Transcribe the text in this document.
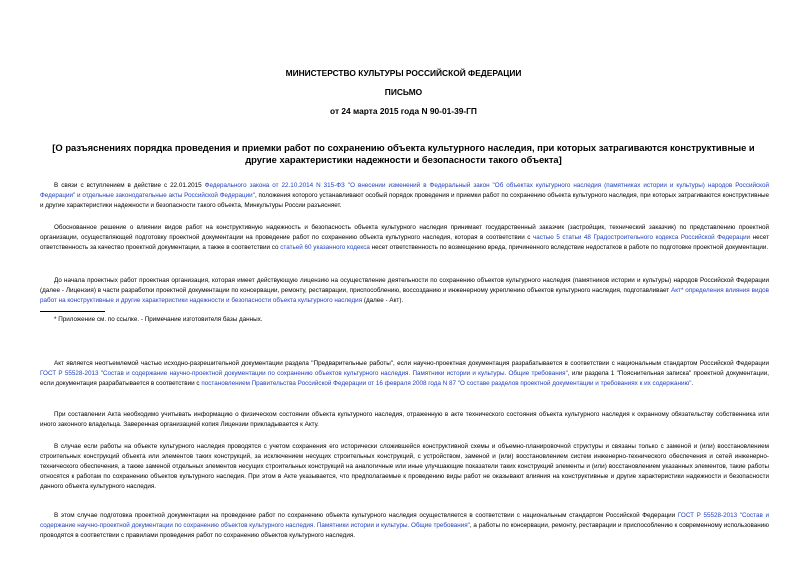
МИНИСТЕРСТВО КУЛЬТУРЫ РОССИЙСКОЙ ФЕДЕРАЦИИ
ПИСЬМО
от 24 марта 2015 года N 90-01-39-ГП
[О разъяснениях порядка проведения и приемки работ по сохранению объекта культурного наследия, при которых затрагиваются конструктивные и другие характеристики надежности и безопасности такого объекта]

В связи с вступлением в действие с 22.01.2015 Федерального закона от 22.10.2014 N 315-ФЗ "О внесении изменений в Федеральный закон "Об объектах культурного наследия (памятниках истории и культуры) народов Российской Федерации" и отдельные законодательные акты Российской Федерации", положения которого устанавливают особый порядок проведения и приемки работ по сохранению объекта культурного наследия, при которых затрагиваются конструктивные и другие характеристики надежности и безопасности такого объекта, Минкультуры России разъясняет.

Обоснованное решение о влиянии видов работ на конструктивную надежность и безопасность объекта культурного наследия принимает государственный заказчик (застройщик, технический заказчик) по представлению проектной организации, осуществляющей подготовку проектной документации на проведение работ по сохранению объекта культурного наследия, которая в соответствии с частью 5 статьи 48 Градостроительного кодекса Российской Федерации несет ответственность за качество проектной документации, а также в соответствии со статьей 60 указанного кодекса несет ответственность по возмещению вреда, причиненного вследствие недостатков в работе по подготовке проектной документации.

До начала проектных работ проектная организация, которая имеет действующую лицензию на осуществление деятельности по сохранению объектов культурного наследия (памятников истории и культуры) народов Российской Федерации (далее - Лицензия) в части разработки проектной документации по консервации, ремонту, реставрации, приспособлению, воссозданию и инженерному укреплению объектов культурного наследия, подготавливает Акт* определения влияния видов работ на конструктивные и другие характеристики надежности и безопасности объекта культурного наследия (далее - Акт).

* Приложение см. по ссылке. - Примечание изготовителя базы данных.

Акт является неотъемлемой частью исходно-разрешительной документации раздела "Предварительные работы", если научно-проектная документация разрабатывается в соответствии с национальным стандартом Российской Федерации ГОСТ Р 55528-2013 "Состав и содержание научно-проектной документации по сохранению объектов культурного наследия. Памятники истории и культуры. Общие требования", или раздела 1 "Пояснительная записка" проектной документации, если документация разрабатывается в соответствии с постановлением Правительства Российской Федерации от 16 февраля 2008 года N 87 "О составе разделов проектной документации и требованиях к их содержанию".

При составлении Акта необходимо учитывать информацию о физическом состоянии объекта культурного наследия, отраженную в акте технического состояния объекта культурного наследия к охранному обязательству собственника или иного законного владельца. Заверенная организацией копия Лицензии прикладывается к Акту.

В случае если работы на объекте культурного наследия проводятся с учетом сохранения его исторически сложившейся конструктивной схемы и объемно-планировочной структуры и связаны только с заменой и (или) восстановлением строительных конструкций объекта или элементов таких конструкций, за исключением несущих строительных конструкций, с устройством, заменой и (или) восстановлением систем инженерно-технического обеспечения и сетей инженерно-технического обеспечения, а также заменой отдельных элементов несущих строительных конструкций на аналогичные или иные улучшающие показатели таких конструкций элементы и (или) восстановлением указанных элементов, такие работы относятся к работам по сохранению объектов культурного наследия. При этом в Акте указывается, что предполагаемые к проведению виды работ не оказывают влияния на конструктивные и другие характеристики надежности и безопасности данного объекта культурного наследия.

В этом случае подготовка проектной документации на проведение работ по сохранению объекта культурного наследия осуществляется в соответствии с национальным стандартом Российской Федерации ГОСТ Р 55528-2013 "Состав и содержание научно-проектной документации по сохранению объектов культурного наследия. Памятники истории и культуры. Общие требования", а работы по консервации, ремонту, реставрации и приспособлению к современному использованию проводятся в соответствии с правилами проведения работ по сохранению объектов культурного наследия.
